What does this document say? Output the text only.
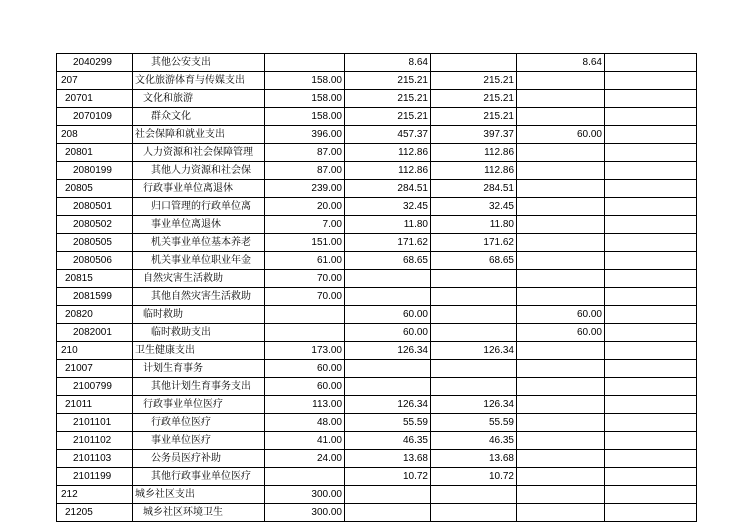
2040299	其他公安支出		8.64		8.64	
207	文化旅游体育与传媒支出	158.00	215.21	215.21		
20701	文化和旅游	158.00	215.21	215.21		
2070109	群众文化	158.00	215.21	215.21		
208	社会保障和就业支出	396.00	457.37	397.37	60.00	
20801	人力资源和社会保障管理	87.00	112.86	112.86		
2080199	其他人力资源和社会保	87.00	112.86	112.86		
20805	行政事业单位离退休	239.00	284.51	284.51		
2080501	归口管理的行政单位离	20.00	32.45	32.45		
2080502	事业单位离退休	7.00	11.80	11.80		
2080505	机关事业单位基本养老	151.00	171.62	171.62		
2080506	机关事业单位职业年金	61.00	68.65	68.65		
20815	自然灾害生活救助	70.00				
2081599	其他自然灾害生活救助	70.00				
20820	临时救助		60.00		60.00	
2082001	临时救助支出		60.00		60.00	
210	卫生健康支出	173.00	126.34	126.34		
21007	计划生育事务	60.00				
2100799	其他计划生育事务支出	60.00				
21011	行政事业单位医疗	113.00	126.34	126.34		
2101101	行政单位医疗	48.00	55.59	55.59		
2101102	事业单位医疗	41.00	46.35	46.35		
2101103	公务员医疗补助	24.00	13.68	13.68		
2101199	其他行政事业单位医疗		10.72	10.72		
212	城乡社区支出	300.00				
21205	城乡社区环境卫生	300.00				
